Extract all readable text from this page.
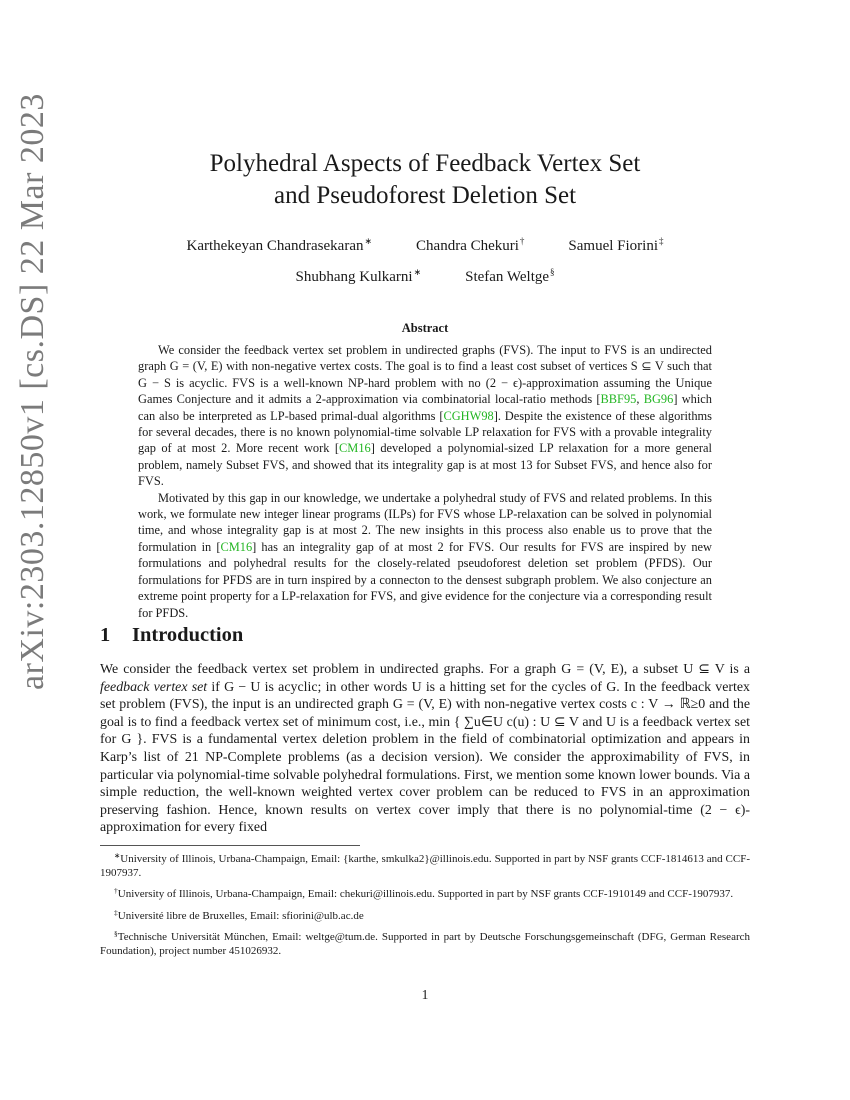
arXiv:2303.12850v1 [cs.DS] 22 Mar 2023	Polyhedral Aspects of Feedback Vertex Set
and Pseudoforest Deletion Set
Karthekeyan Chandrasekaran∗	Chandra Chekuri†	Samuel Fiorini‡
Shubhang Kulkarni∗	Stefan Weltge§
Abstract

We consider the feedback vertex set problem in undirected graphs (FVS). The input to FVS is an undirected graph G = (V, E) with non-negative vertex costs. The goal is to find a least cost subset of vertices S ⊆ V such that G − S is acyclic. FVS is a well-known NP-hard problem with no (2 − ϵ)-approximation assuming the Unique Games Conjecture and it admits a 2-approximation via combinatorial local-ratio methods [BBF95, BG96] which can also be interpreted as LP-based primal-dual algorithms [CGHW98]. Despite the existence of these algorithms for several decades, there is no known polynomial-time solvable LP relaxation for FVS with a provable integrality gap of at most 2. More recent work [CM16] developed a polynomial-sized LP relaxation for a more general problem, namely Subset FVS, and showed that its integrality gap is at most 13 for Subset FVS, and hence also for FVS.

Motivated by this gap in our knowledge, we undertake a polyhedral study of FVS and related problems. In this work, we formulate new integer linear programs (ILPs) for FVS whose LP-relaxation can be solved in polynomial time, and whose integrality gap is at most 2. The new insights in this process also enable us to prove that the formulation in [CM16] has an integrality gap of at most 2 for FVS. Our results for FVS are inspired by new formulations and polyhedral results for the closely-related pseudoforest deletion set problem (PFDS). Our formulations for PFDS are in turn inspired by a connecton to the densest subgraph problem. We also conjecture an extreme point property for a LP-relaxation for FVS, and give evidence for the conjecture via a corresponding result for PFDS.

1 Introduction

We consider the feedback vertex set problem in undirected graphs. For a graph G = (V, E), a subset U ⊆ V is a feedback vertex set if G − U is acyclic; in other words U is a hitting set for the cycles of G. In the feedback vertex set problem (FVS), the input is an undirected graph G = (V, E) with non-negative vertex costs c : V → ℝ≥0 and the goal is to find a feedback vertex set of minimum cost, i.e., min { ∑u∈U c(u) : U ⊆ V and U is a feedback vertex set for G }. FVS is a fundamental vertex deletion problem in the field of combinatorial optimization and appears in Karp’s list of 21 NP-Complete problems (as a decision version). We consider the approximability of FVS, in particular via polynomial-time solvable polyhedral formulations. First, we mention some known lower bounds. Via a simple reduction, the well-known weighted vertex cover problem can be reduced to FVS in an approximation preserving fashion. Hence, known results on vertex cover imply that there is no polynomial-time (2 − ϵ)-approximation for every fixed

∗University of Illinois, Urbana-Champaign, Email: {karthe, smkulka2}@illinois.edu. Supported in part by NSF grants CCF-1814613 and CCF-1907937.

†University of Illinois, Urbana-Champaign, Email: chekuri@illinois.edu. Supported in part by NSF grants CCF-1910149 and CCF-1907937.

‡Université libre de Bruxelles, Email: sfiorini@ulb.ac.de

§Technische Universität München, Email: weltge@tum.de. Supported in part by Deutsche Forschungsgemeinschaft (DFG, German Research Foundation), project number 451026932.

1
